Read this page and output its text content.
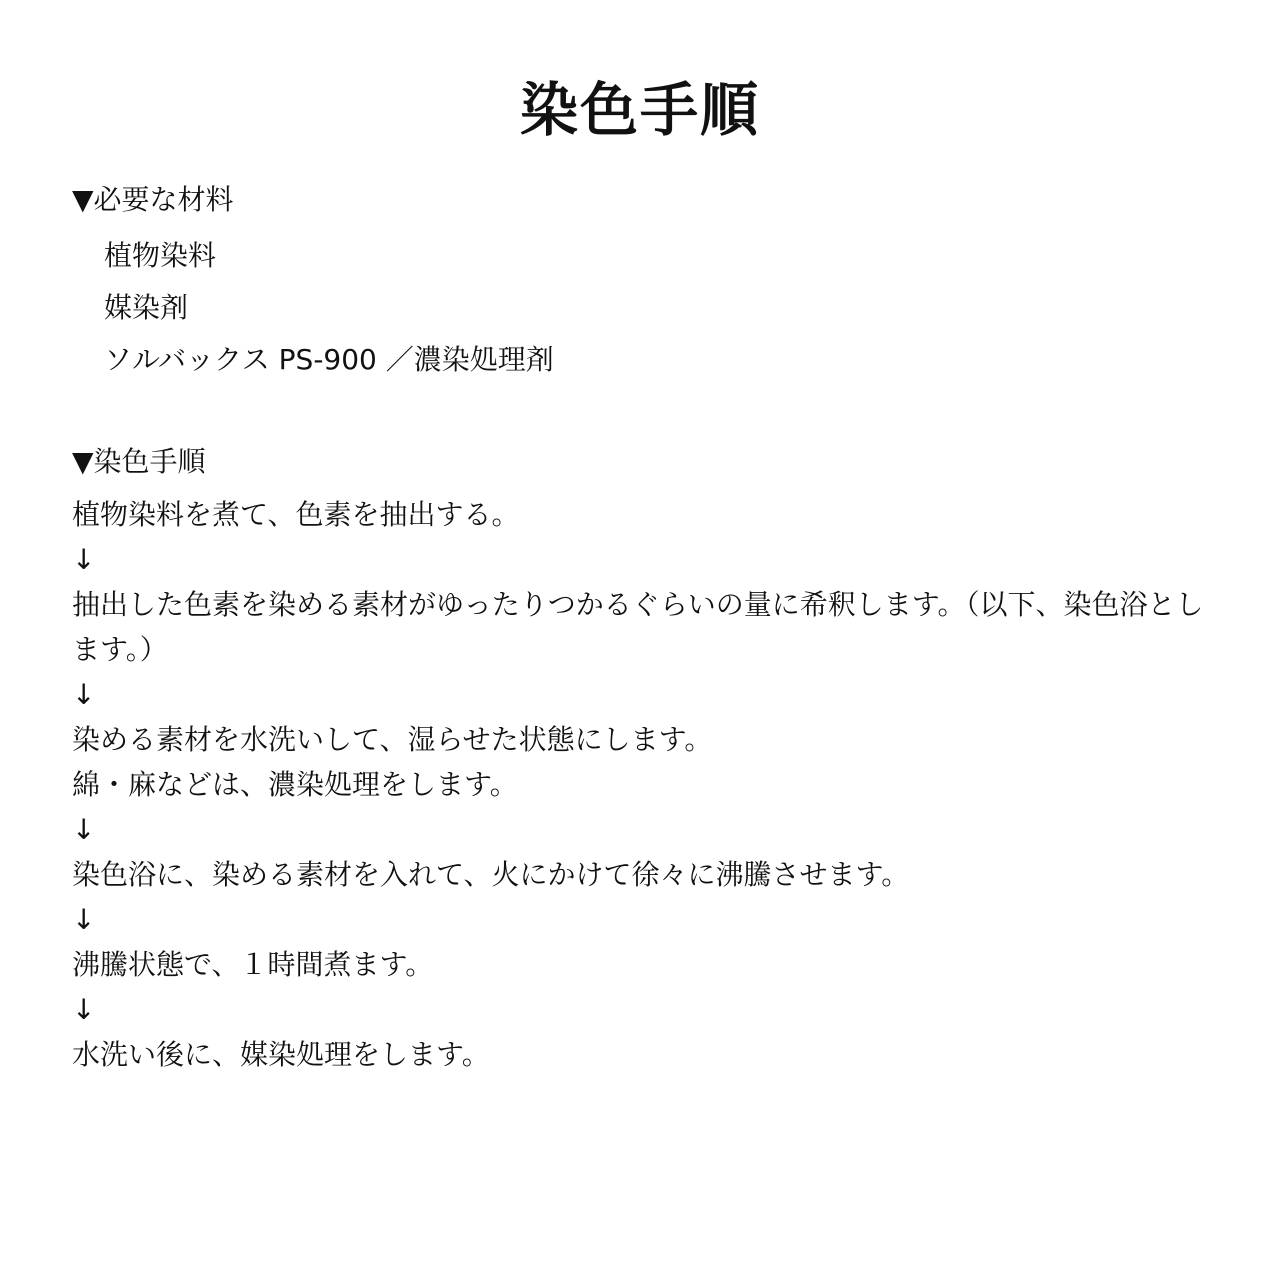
染色手順
▼必要な材料
植物染料
媒染剤
ソルバックス PS-900 ／濃染処理剤
▼染色手順
植物染料を煮て、色素を抽出する。
↓
抽出した色素を染める素材がゆったりつかるぐらいの量に希釈します。（以下、染色浴とします。）
↓
染める素材を水洗いして、湿らせた状態にします。
綿・麻などは、濃染処理をします。
↓
染色浴に、染める素材を入れて、火にかけて徐々に沸騰させます。
↓
沸騰状態で、１時間煮ます。
↓
水洗い後に、媒染処理をします。
